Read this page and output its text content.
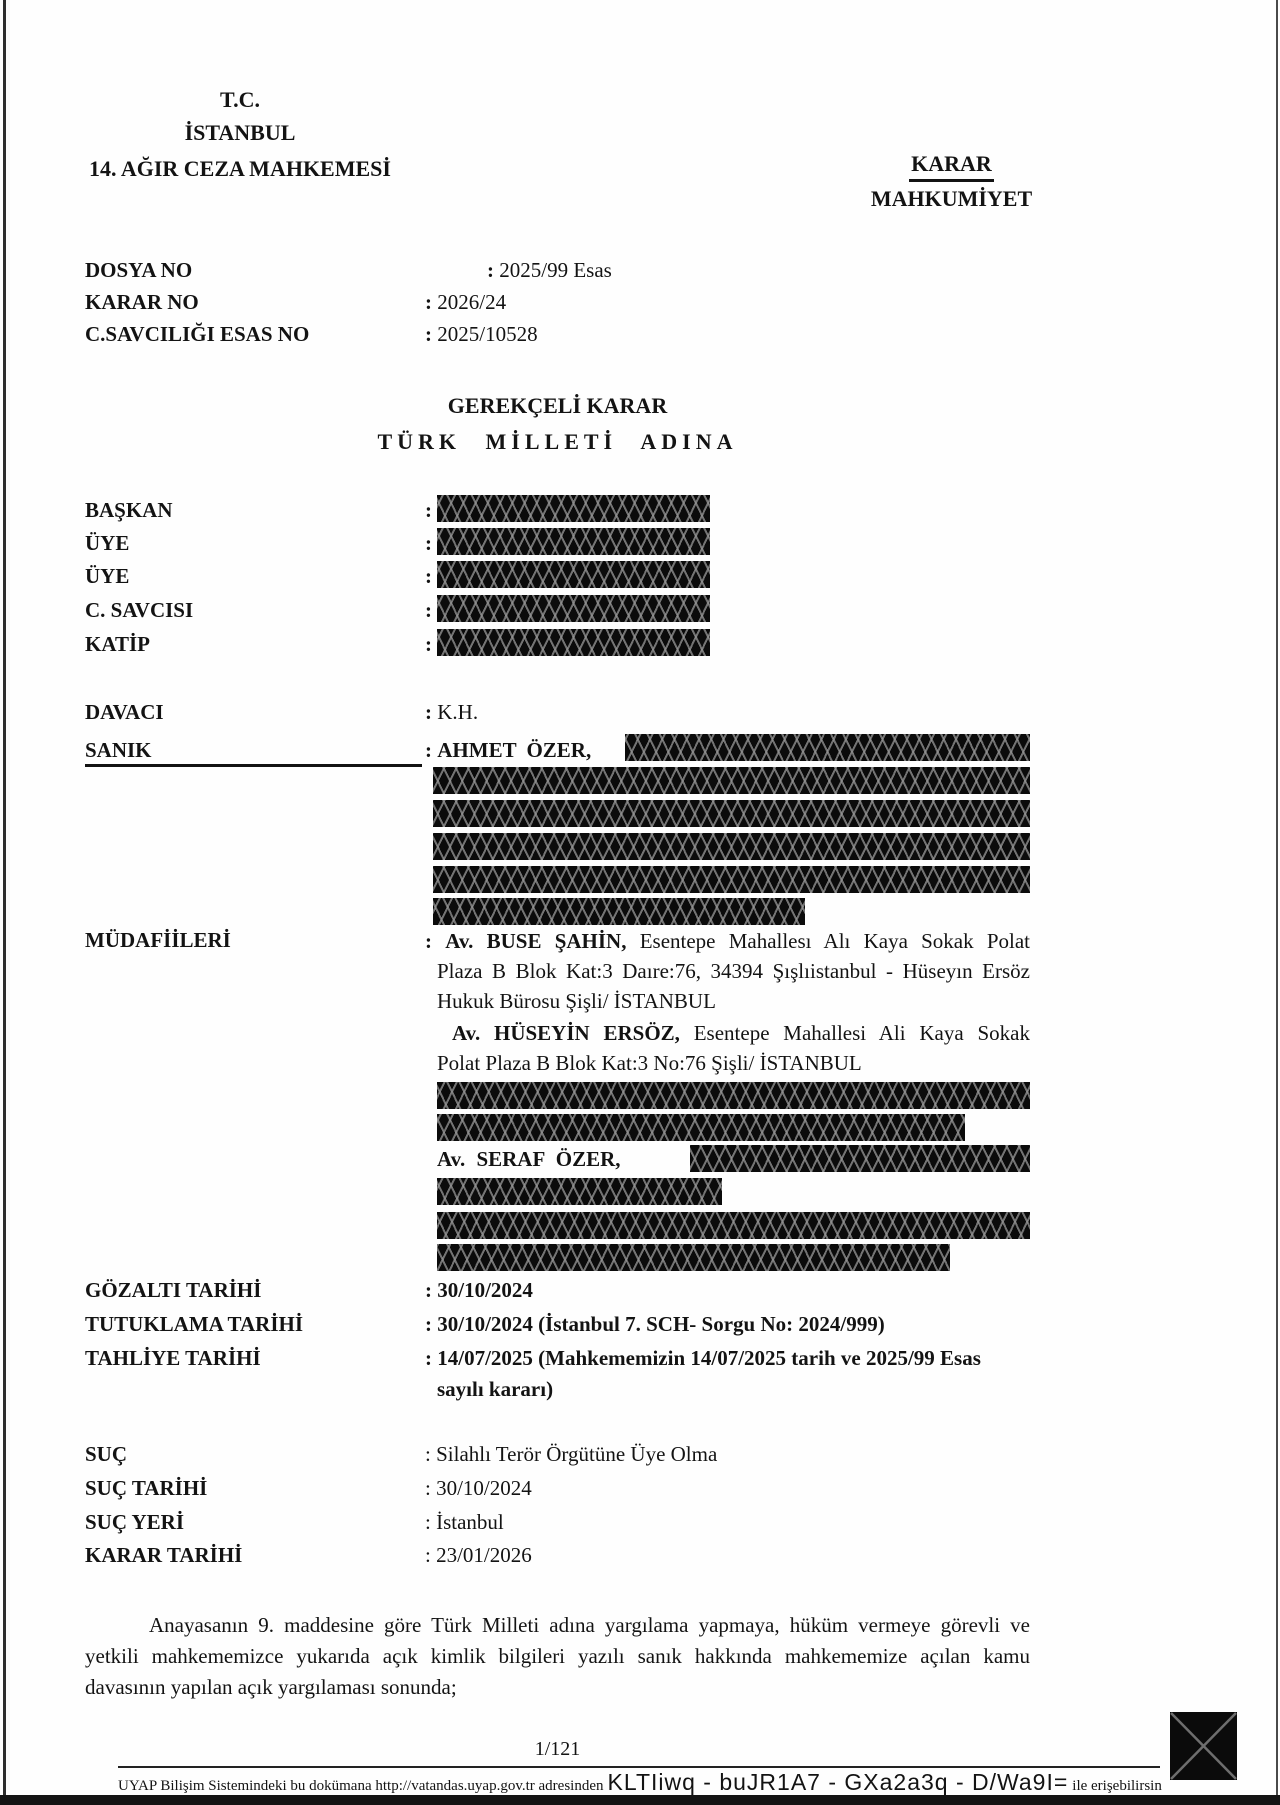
T.C.
İSTANBUL
14. AĞIR CEZA MAHKEMESİ	KARAR
MAHKUMİYET
DOSYA NO	: 2025/99 Esas
KARAR NO	: 2026/24
C.SAVCILIĞI ESAS NO	: 2025/10528
GEREKÇELİ KARAR
TÜRK MİLLETİ ADINA
BAŞKAN	:
ÜYE	:
ÜYE	:
C. SAVCISI	:
KATİP	:
DAVACI	: K.H.
SANIK	: AHMET ÖZER,
MÜDAFİİLERİ	: Av. BUSE ŞAHİN, Esentepe Mahallesı Alı Kaya Sokak Polat
Plaza B Blok Kat:3 Daıre:76, 34394 Şışlıistanbul - Hüseyın Ersöz
Hukuk Bürosu Şişli/ İSTANBUL
Av. HÜSEYİN ERSÖZ, Esentepe Mahallesi Ali Kaya Sokak
Polat Plaza B Blok Kat:3 No:76 Şişli/ İSTANBUL
Av. SERAF ÖZER,
GÖZALTI TARİHİ	: 30/10/2024
TUTUKLAMA TARİHİ	: 30/10/2024 (İstanbul 7. SCH- Sorgu No: 2024/999)
TAHLİYE TARİHİ	: 14/07/2025 (Mahkememizin 14/07/2025 tarih ve 2025/99 Esas
sayılı kararı)
SUÇ	: Silahlı Terör Örgütüne Üye Olma
SUÇ TARİHİ	: 30/10/2024
SUÇ YERİ	: İstanbul
KARAR TARİHİ	: 23/01/2026
Anayasanın 9. maddesine göre Türk Milleti adına yargılama yapmaya, hüküm vermeye görevli ve yetkili mahkememizce yukarıda açık kimlik bilgileri yazılı sanık hakkında mahkememize açılan kamu davasının yapılan açık yargılaması sonunda;
1/121
UYAP Bilişim Sistemindeki bu dokümana http://vatandas.uyap.gov.tr adresinden KLTIiwq - buJR1A7 - GXa2a3q - D/Wa9I= ile erişebilirsin
